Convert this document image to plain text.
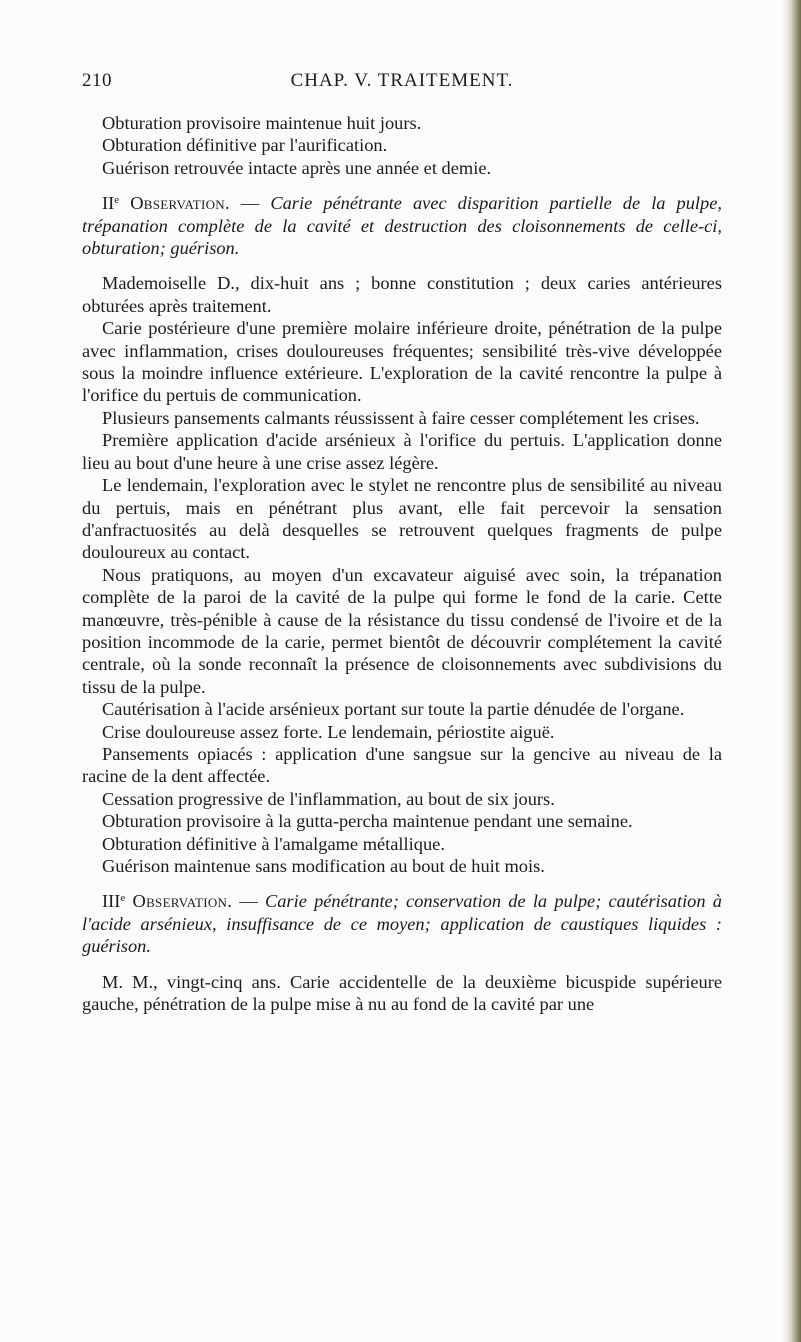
CHAP. V. TRAITEMENT.
210

Obturation provisoire maintenue huit jours.

Obturation définitive par l'aurification.

Guérison retrouvée intacte après une année et demie.

IIe Observation. — Carie pénétrante avec disparition partielle de la pulpe, trépanation complète de la cavité et destruction des cloisonnements de celle-ci, obturation; guérison.

Mademoiselle D., dix-huit ans ; bonne constitution ; deux caries antérieures obturées après traitement.

Carie postérieure d'une première molaire inférieure droite, pénétration de la pulpe avec inflammation, crises douloureuses fréquentes; sensibilité très-vive développée sous la moindre influence extérieure. L'exploration de la cavité rencontre la pulpe à l'orifice du pertuis de communication.

Plusieurs pansements calmants réussissent à faire cesser complétement les crises.

Première application d'acide arsénieux à l'orifice du pertuis. L'application donne lieu au bout d'une heure à une crise assez légère.

Le lendemain, l'exploration avec le stylet ne rencontre plus de sensibilité au niveau du pertuis, mais en pénétrant plus avant, elle fait percevoir la sensation d'anfractuosités au delà desquelles se retrouvent quelques fragments de pulpe douloureux au contact.

Nous pratiquons, au moyen d'un excavateur aiguisé avec soin, la trépanation complète de la paroi de la cavité de la pulpe qui forme le fond de la carie. Cette manœuvre, très-pénible à cause de la résistance du tissu condensé de l'ivoire et de la position incommode de la carie, permet bientôt de découvrir complétement la cavité centrale, où la sonde reconnaît la présence de cloisonnements avec subdivisions du tissu de la pulpe.

Cautérisation à l'acide arsénieux portant sur toute la partie dénudée de l'organe.

Crise douloureuse assez forte. Le lendemain, périostite aiguë.

Pansements opiacés : application d'une sangsue sur la gencive au niveau de la racine de la dent affectée.

Cessation progressive de l'inflammation, au bout de six jours.

Obturation provisoire à la gutta-percha maintenue pendant une semaine.

Obturation définitive à l'amalgame métallique.

Guérison maintenue sans modification au bout de huit mois.

IIIe Observation. — Carie pénétrante; conservation de la pulpe; cautérisation à l'acide arsénieux, insuffisance de ce moyen; application de caustiques liquides : guérison.

M. M., vingt-cinq ans. Carie accidentelle de la deuxième bicuspide supérieure gauche, pénétration de la pulpe mise à nu au fond de la cavité par une
